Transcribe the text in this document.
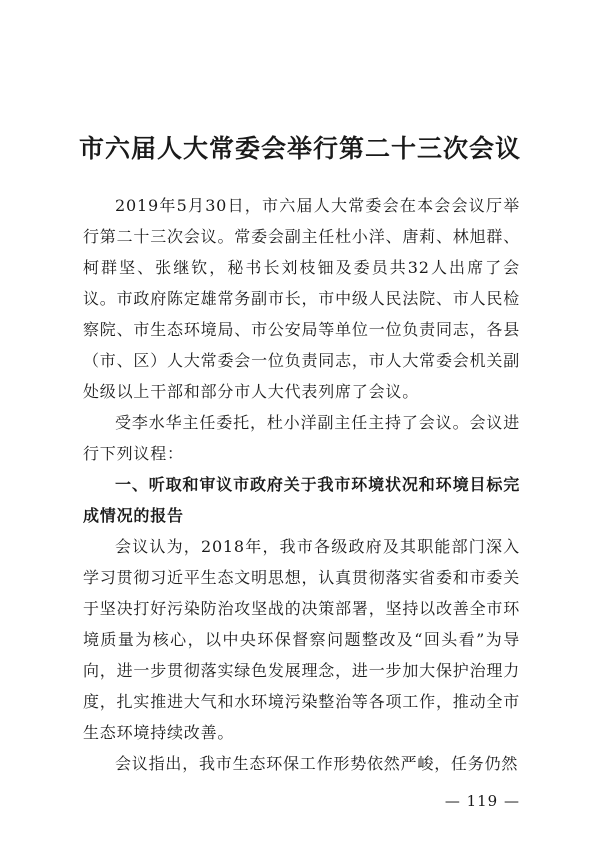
市六届人大常委会举行第二十三次会议

2019年5月30日，市六届人大常委会在本会会议厅举行第二十三次会议。常委会副主任杜小洋、唐莉、林旭群、柯群坚、张继钦，秘书长刘枝钿及委员共32人出席了会议。市政府陈定雄常务副市长，市中级人民法院、市人民检察院、市生态环境局、市公安局等单位一位负责同志，各县（市、区）人大常委会一位负责同志，市人大常委会机关副处级以上干部和部分市人大代表列席了会议。

受李水华主任委托，杜小洋副主任主持了会议。会议进行下列议程：

一、听取和审议市政府关于我市环境状况和环境目标完成情况的报告

会议认为，2018年，我市各级政府及其职能部门深入学习贯彻习近平生态文明思想，认真贯彻落实省委和市委关于坚决打好污染防治攻坚战的决策部署，坚持以改善全市环境质量为核心，以中央环保督察问题整改及“回头看”为导向，进一步贯彻落实绿色发展理念，进一步加大保护治理力度，扎实推进大气和水环境污染整治等各项工作，推动全市生态环境持续改善。

会议指出，我市生态环保工作形势依然严峻，任务仍然

— 119 —
